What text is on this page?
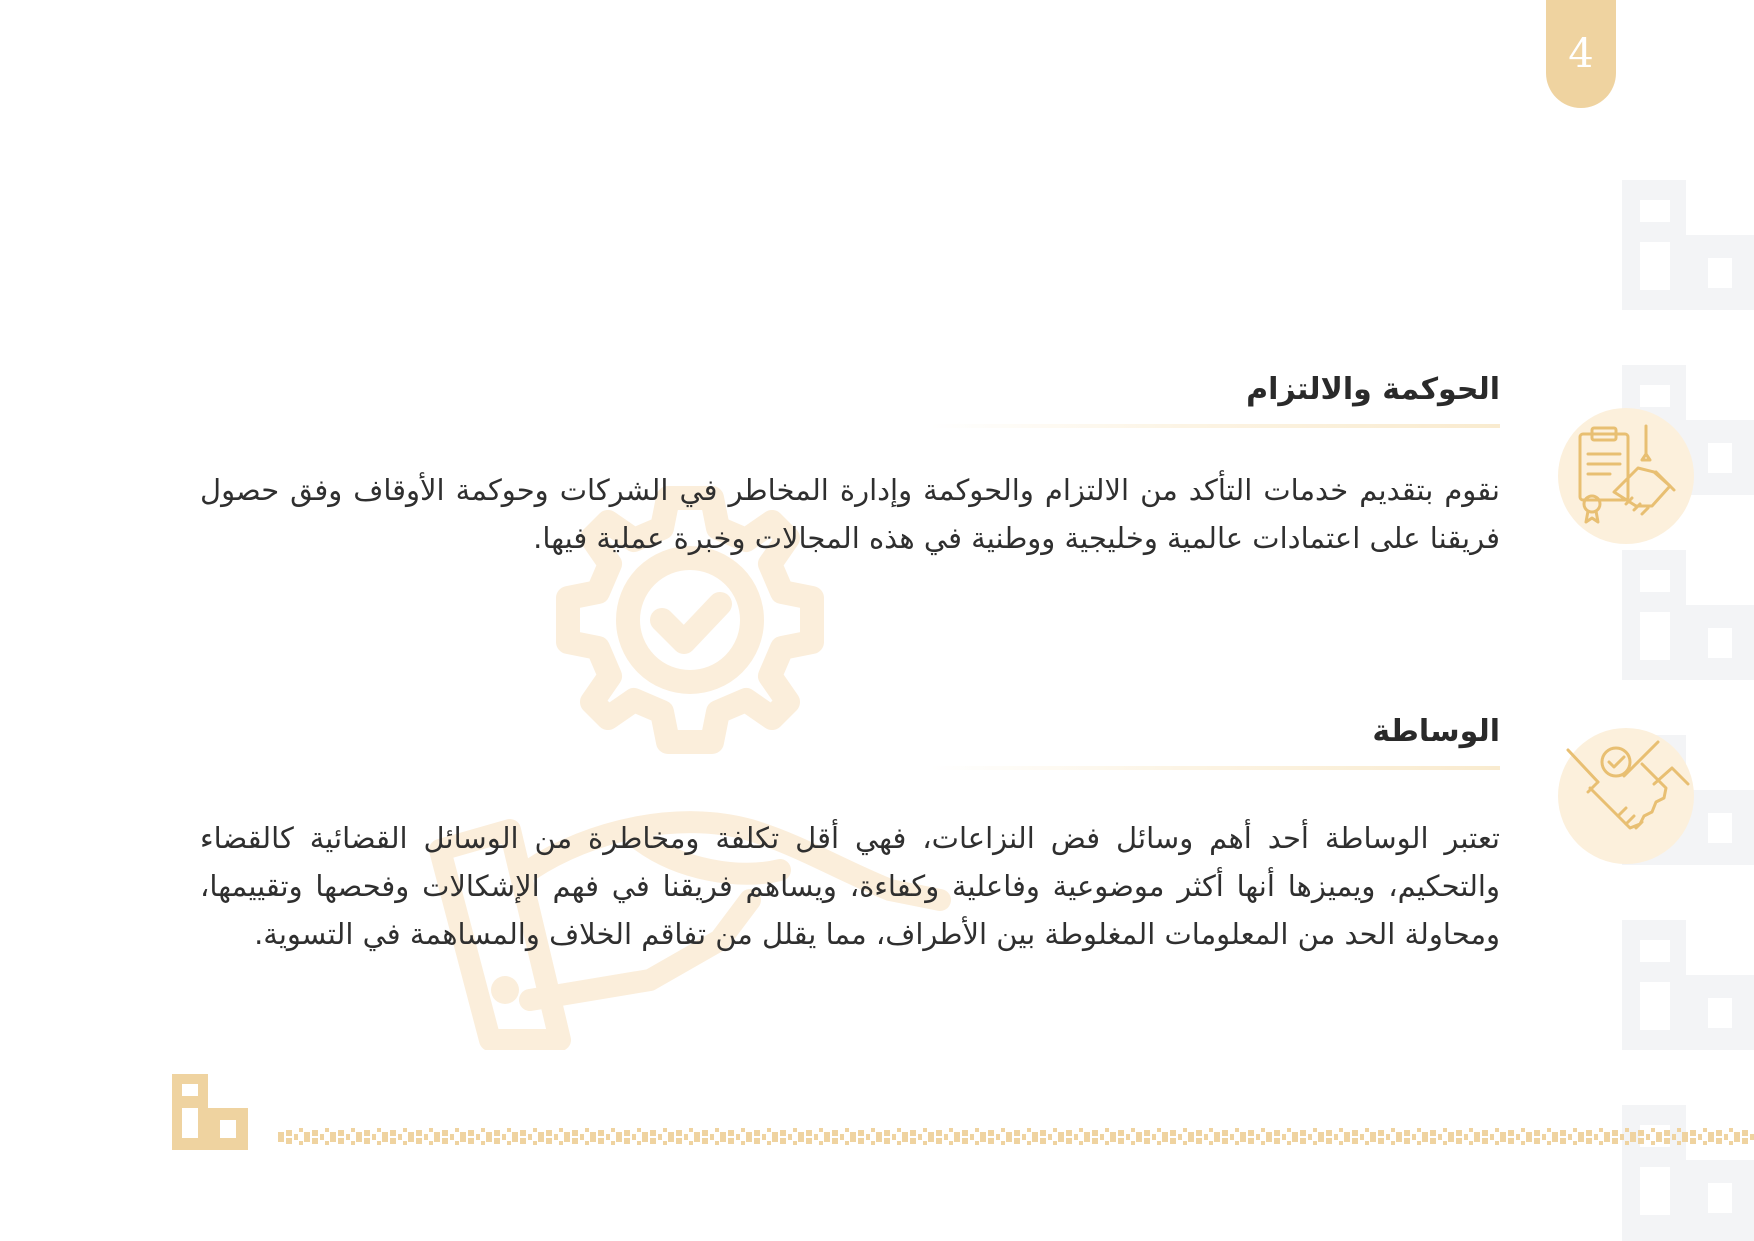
4
الحوكمة والالتزام

نقوم بتقديم خدمات التأكد من الالتزام والحوكمة وإدارة المخاطر في الشركات وحوكمة الأوقاف وفق حصول فريقنا على اعتمادات عالمية وخليجية ووطنية في هذه المجالات وخبرة عملية فيها.

الوساطة

تعتبر الوساطة أحد أهم وسائل فض النزاعات، فهي أقل تكلفة ومخاطرة من الوسائل القضائية كالقضاء والتحكيم، ويميزها أنها أكثر موضوعية وفاعلية وكفاءة، ويساهم فريقنا في فهم الإشكالات وفحصها وتقييمها، ومحاولة الحد من المعلومات المغلوطة بين الأطراف، مما يقلل من تفاقم الخلاف والمساهمة في التسوية.
